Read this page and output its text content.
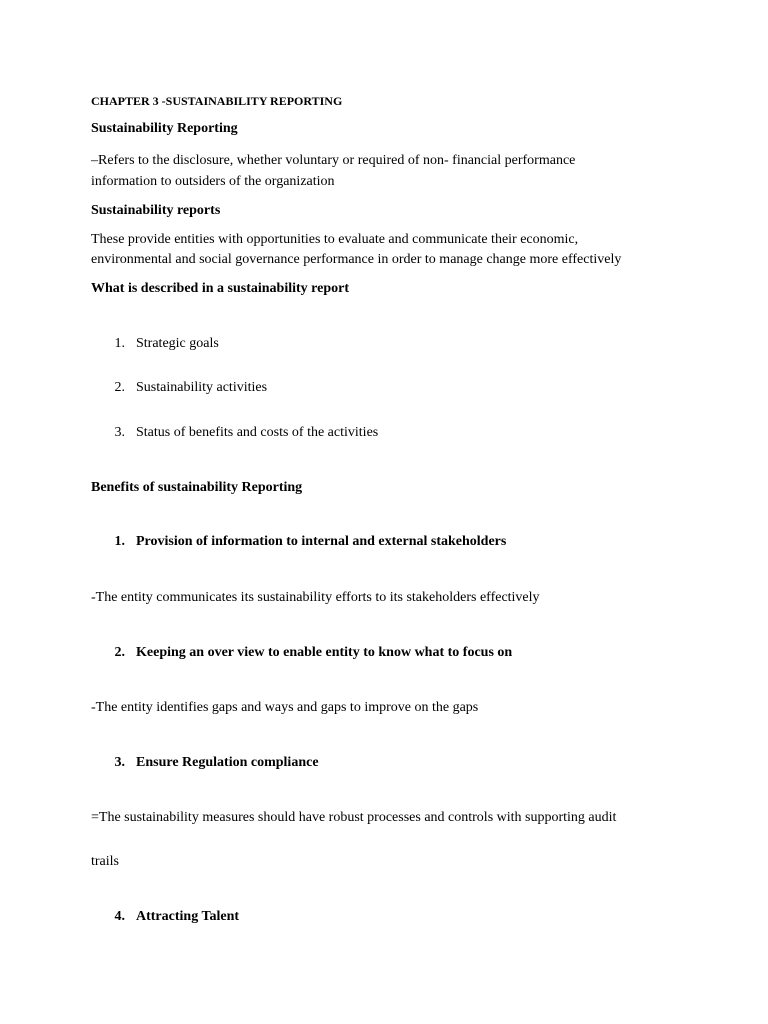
CHAPTER 3 -SUSTAINABILITY REPORTING

Sustainability Reporting

–Refers to the disclosure, whether voluntary or required of non- financial performance

information to outsiders of the organization

Sustainability reports

These provide entities with opportunities to evaluate and communicate their economic,

environmental and social governance performance in order to manage change more effectively

What is described in a sustainability report

1. Strategic goals

2. Sustainability activities

3. Status of benefits and costs of the activities

Benefits of sustainability Reporting

1. Provision of information to internal and external stakeholders

-The entity communicates its sustainability efforts to its stakeholders effectively

2. Keeping an over view to enable entity to know what to focus on

-The entity identifies gaps and ways and gaps to improve on the gaps

3. Ensure Regulation compliance

=The sustainability measures should have robust processes and controls with supporting audit

trails

4. Attracting Talent
